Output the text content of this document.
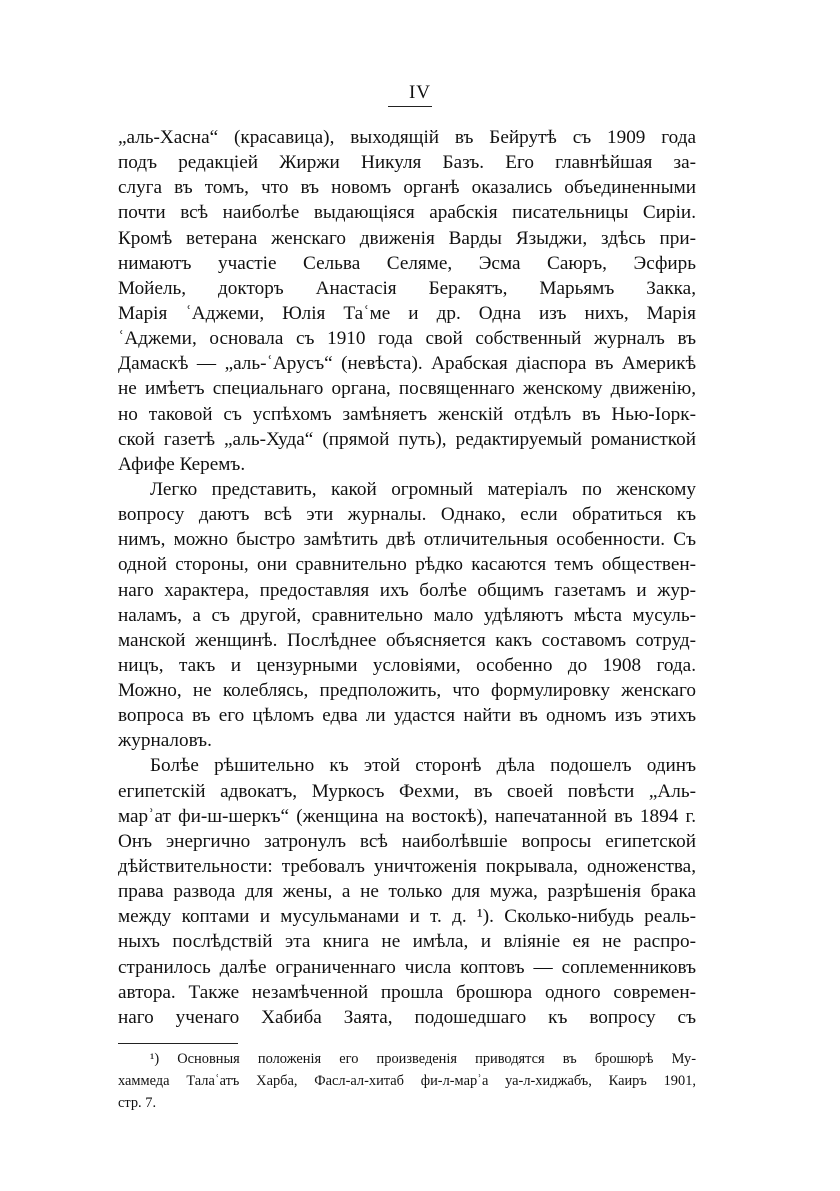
IV
„аль-Хасна“ (красавица), выходящій въ Бейрутѣ съ 1909 года
подъ редакціей Жиржи Никуля Базъ. Его главнѣйшая за-
слуга въ томъ, что въ новомъ органѣ оказались объединенными
почти всѣ наиболѣе выдающіяся арабскія писательницы Сиріи.
Кромѣ ветерана женскаго движенія Варды Языджи, здѣсь при-
нимаютъ участіе Сельва Селяме, Эсма Саюръ, Эсфирь
Мойель, докторъ Анастасія Беракятъ, Марьямъ Закка,
Марія ʿАджеми, Юлія Таʿме и др. Одна изъ нихъ, Марія
ʿАджеми, основала съ 1910 года свой собственный журналъ въ
Дамаскѣ — „аль-ʿАрусъ“ (невѣста). Арабская діаспора въ Америкѣ
не имѣетъ специальнаго органа, посвященнаго женскому движенію,
но таковой съ успѣхомъ замѣняетъ женскій отдѣлъ въ Нью-Іорк-
ской газетѣ „аль-Худа“ (прямой путь), редактируемый романисткой
Афифе Керемъ.
Легко представить, какой огромный матеріалъ по женскому
вопросу даютъ всѣ эти журналы. Однако, если обратиться къ
нимъ, можно быстро замѣтить двѣ отличительныя особенности. Съ
одной стороны, они сравнительно рѣдко касаются темъ обществен-
наго характера, предоставляя ихъ болѣе общимъ газетамъ и жур-
наламъ, а съ другой, сравнительно мало удѣляютъ мѣста мусуль-
манской женщинѣ. Послѣднее объясняется какъ составомъ сотруд-
ницъ, такъ и цензурными условіями, особенно до 1908 года.
Можно, не колеблясь, предположить, что формулировку женскаго
вопроса въ его цѣломъ едва ли удастся найти въ одномъ изъ этихъ
журналовъ.
Болѣе рѣшительно къ этой сторонѣ дѣла подошелъ одинъ
египетскій адвокатъ, Муркосъ Фехми, въ своей повѣсти „Аль-
марʾат фи-ш-шеркъ“ (женщина на востокѣ), напечатанной въ 1894 г.
Онъ энергично затронулъ всѣ наиболѣвшіе вопросы египетской
дѣйствительности: требовалъ уничтоженія покрывала, одноженства,
права развода для жены, а не только для мужа, разрѣшенія брака
между коптами и мусульманами и т. д. ¹). Сколько-нибудь реаль-
ныхъ послѣдствій эта книга не имѣла, и вліяніе ея не распро-
странилось далѣе ограниченнаго числа коптовъ — соплеменниковъ
автора. Также незамѣченной прошла брошюра одного современ-
наго ученаго Хабиба Заята, подошедшаго къ вопросу съ
¹) Основныя положенія его произведенія приводятся въ брошюрѣ Му-
хаммеда Талаʿатъ Харба, Фасл-ал-хитаб фи-л-марʾа уа-л-хиджабъ, Каиръ 1901,
стр. 7.
